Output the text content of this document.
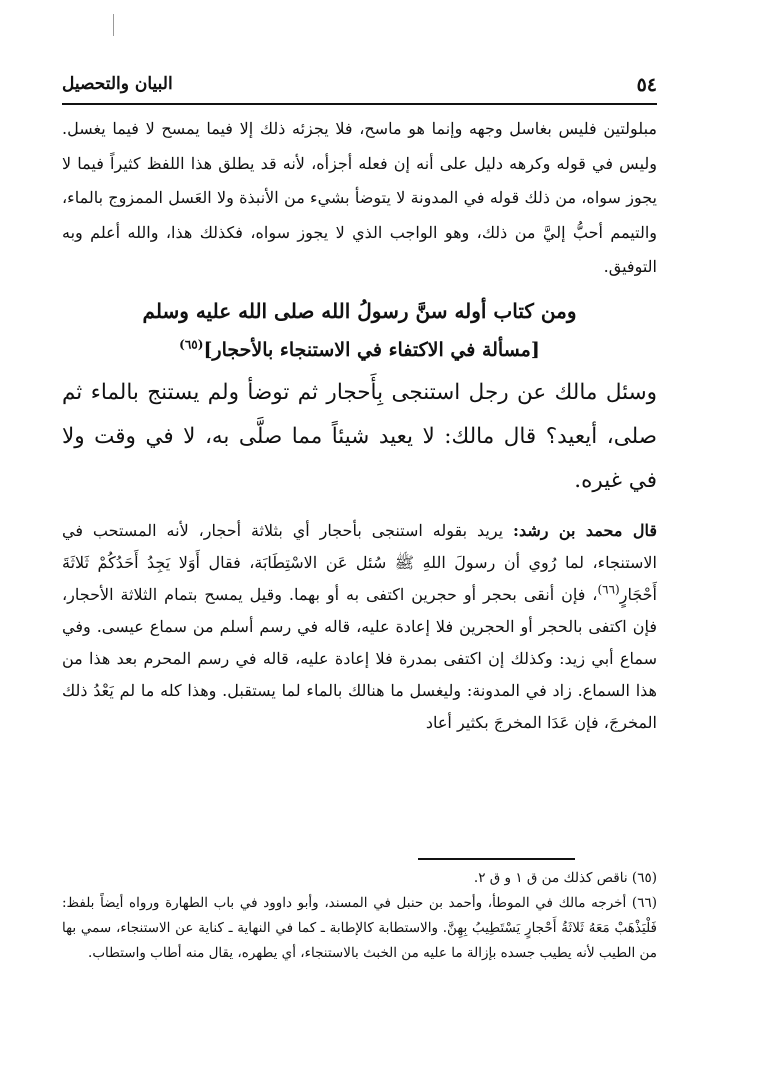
٥٤
البيان والتحصيل

مبلولتين فليس بغاسل وجهه وإنما هو ماسح، فلا يجزئه ذلك إلا فيما يمسح لا فيما يغسل. وليس في قوله وكرهه دليل على أنه إن فعله أجزأه، لأنه قد يطلق هذا اللفظ كثيراً فيما لا يجوز سواه، من ذلك قوله في المدونة لا يتوضأ بشيء من الأنبذة ولا العَسل الممزوج بالماء، والتيمم أحبُّ إليَّ من ذلك، وهو الواجب الذي لا يجوز سواه، فكذلك هذا، والله أعلم وبه التوفيق.

ومن كتاب أوله سنَّ رسولُ الله صلى الله عليه وسلم

[مسألة في الاكتفاء في الاستنجاء بالأحجار]$^{(٦٥)}$

وسئل مالك عن رجل استنجى بِأَحجار ثم توضأ ولم يستنج بالماء ثم صلى، أيعيد؟ قال مالك: لا يعيد شيئاً مما صلَّى به، لا في وقت ولا في غيره.

قال محمد بن رشد: يريد بقوله استنجى بأحجار أي بثلاثة أحجار، لأنه المستحب في الاستنجاء، لما رُوي أن رسولَ اللهِ ﷺ سُئل عَن الاسْتِطَابَة، فقال أَوَلا يَجِدُ أَحَدُكُمْ ثَلاثَةَ أَحْجَارٍ$^{(٦٦)}$، فإن أنقى بحجر أو حجرين اكتفى به أو بهما. وقيل يمسح بتمام الثلاثة الأحجار، فإن اكتفى بالحجر أو الحجرين فلا إعادة عليه، قاله في رسم أسلم من سماع عيسى. وفي سماع أبي زيد: وكذلك إن اكتفى بمدرة فلا إعادة عليه، قاله في رسم المحرم بعد هذا من هذا السماع. زاد في المدونة: وليغسل ما هنالك بالماء لما يستقبل. وهذا كله ما لم يَعْدُ ذلك المخرجَ، فإن عَدَا المخرجَ بكثير أعاد

(٦٥) ناقص كذلك من ق ١ و ق ٢.

(٦٦) أخرجه مالك في الموطأ، وأحمد بن حنبل في المسند، وأبو داوود في باب الطهارة ورواه أيضاً بلفظ: فَلْيَذْهَبْ مَعَهُ ثَلاثَةُ أَحْجارٍ يَسْتَطِيبُ بِهِنَّ. والاستطابة كالإطابة ـ كما في النهاية ـ كناية عن الاستنجاء، سمي بها من الطيب لأنه يطيب جسده بإزالة ما عليه من الخبث بالاستنجاء، أي يطهره، يقال منه أطاب واستطاب.
